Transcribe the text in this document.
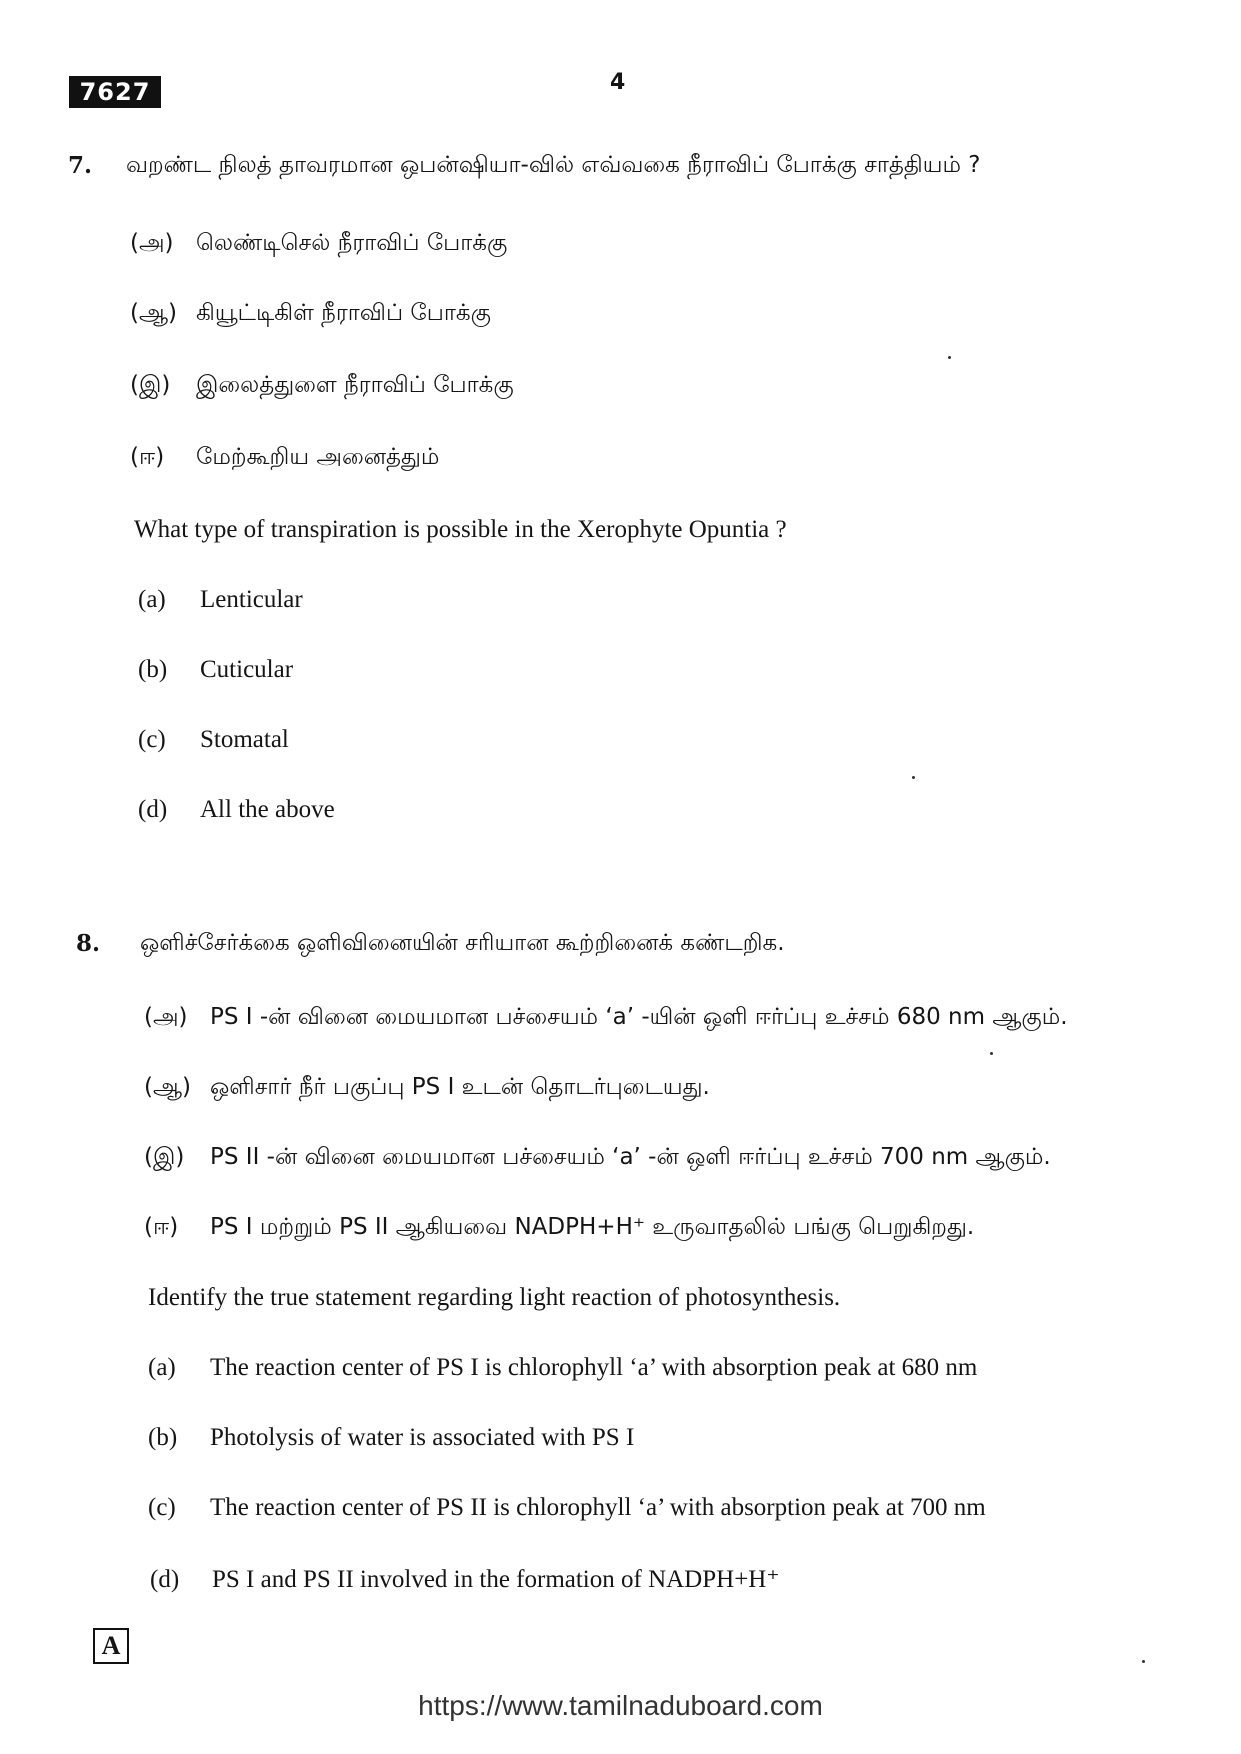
7627	4
7. வறண்ட நிலத் தாவரமான ஒபன்ஷியா-வில் எவ்வகை நீராவிப் போக்கு சாத்தியம் ?
(அ) லெண்டிசெல் நீராவிப் போக்கு
(ஆ) கியூட்டிகிள் நீராவிப் போக்கு
(இ) இலைத்துளை நீராவிப் போக்கு
(ஈ) மேற்கூறிய அனைத்தும்
What type of transpiration is possible in the Xerophyte Opuntia ?
(a) Lenticular
(b) Cuticular
(c) Stomatal
(d) All the above
8. ஒளிச்சேர்க்கை ஒளிவினையின் சரியான கூற்றினைக் கண்டறிக.
(அ) PS I -ன் வினை மையமான பச்சையம் ‘a’ -யின் ஒளி ஈர்ப்பு உச்சம் 680 nm ஆகும்.
(ஆ) ஒளிசார் நீர் பகுப்பு PS I உடன் தொடர்புடையது.
(இ) PS II -ன் வினை மையமான பச்சையம் ‘a’ -ன் ஒளி ஈர்ப்பு உச்சம் 700 nm ஆகும்.
(ஈ) PS I மற்றும் PS II ஆகியவை NADPH+H⁺ உருவாதலில் பங்கு பெறுகிறது.
Identify the true statement regarding light reaction of photosynthesis.
(a) The reaction center of PS I is chlorophyll ‘a’ with absorption peak at 680 nm
(b) Photolysis of water is associated with PS I
(c) The reaction center of PS II is chlorophyll ‘a’ with absorption peak at 700 nm
(d) PS I and PS II involved in the formation of NADPH+H⁺
A
https://www.tamilnaduboard.com
